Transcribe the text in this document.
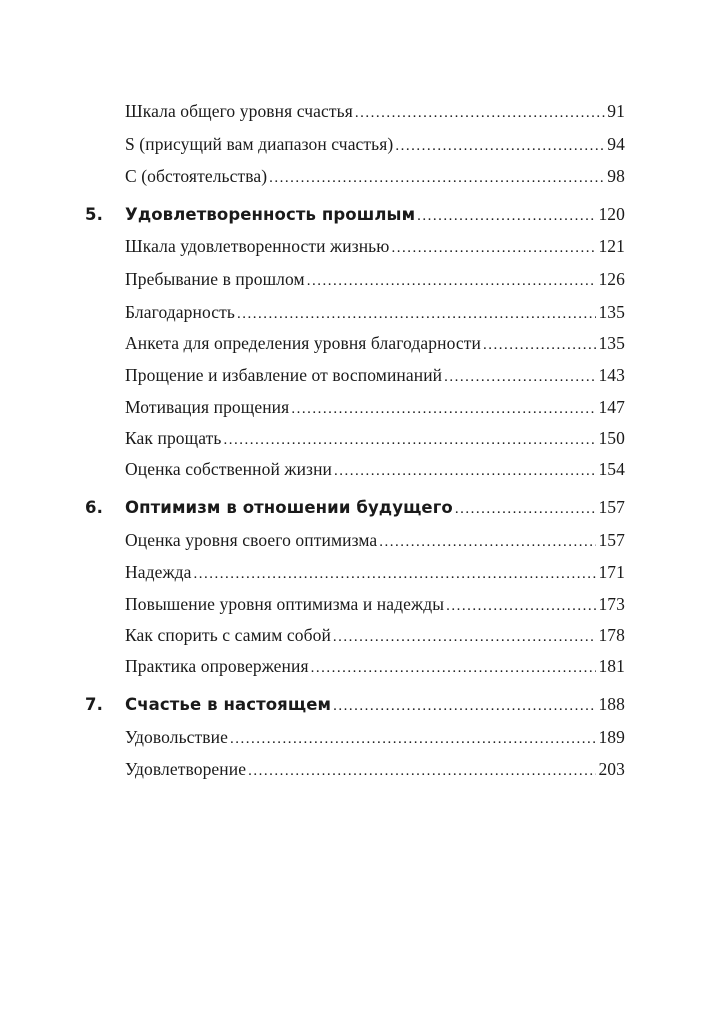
Шкала общего уровня счастья .....	91
S (присущий вам диапазон счастья) .....	94
С (обстоятельства) .....	98
5. Удовлетворенность прошлым .....	120
Шкала удовлетворенности жизнью .....	121
Пребывание в прошлом .....	126
Благодарность .....	135
Анкета для определения уровня благодарности .....	135
Прощение и избавление от воспоминаний .....	143
Мотивация прощения .....	147
Как прощать .....	150
Оценка собственной жизни .....	154
6. Оптимизм в отношении будущего .....	157
Оценка уровня своего оптимизма .....	157
Надежда .....	171
Повышение уровня оптимизма и надежды .....	173
Как спорить с самим собой .....	178
Практика опровержения .....	181
7. Счастье в настоящем .....	188
Удовольствие .....	189
Удовлетворение .....	203
